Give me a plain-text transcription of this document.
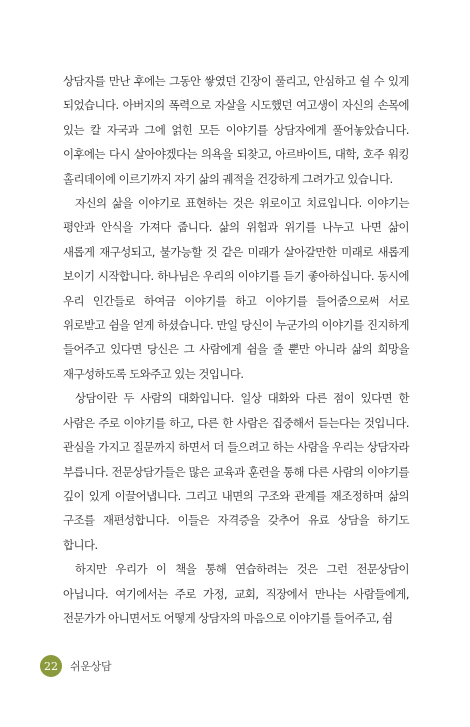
상담자를 만난 후에는 그동안 쌓였던 긴장이 풀리고, 안심하고 쉴 수 있게 되었습니다. 아버지의 폭력으로 자살을 시도했던 여고생이 자신의 손목에 있는 칼 자국과 그에 얽힌 모든 이야기를 상담자에게 풀어놓았습니다. 이후에는 다시 살아야겠다는 의욕을 되찾고, 아르바이트, 대학, 호주 워킹 홀리데이에 이르기까지 자기 삶의 궤적을 건강하게 그려가고 있습니다.

자신의 삶을 이야기로 표현하는 것은 위로이고 치료입니다. 이야기는 평안과 안식을 가져다 줍니다. 삶의 위험과 위기를 나누고 나면 삶이 새롭게 재구성되고, 불가능할 것 같은 미래가 살아갈만한 미래로 새롭게 보이기 시작합니다. 하나님은 우리의 이야기를 듣기 좋아하십니다. 동시에 우리 인간들로 하여금 이야기를 하고 이야기를 들어줌으로써 서로 위로받고 쉼을 얻게 하셨습니다. 만일 당신이 누군가의 이야기를 진지하게 들어주고 있다면 당신은 그 사람에게 쉼을 줄 뿐만 아니라 삶의 희망을 재구성하도록 도와주고 있는 것입니다.

상담이란 두 사람의 대화입니다. 일상 대화와 다른 점이 있다면 한 사람은 주로 이야기를 하고, 다른 한 사람은 집중해서 듣는다는 것입니다. 관심을 가지고 질문까지 하면서 더 들으려고 하는 사람을 우리는 상담자라 부릅니다. 전문상담가들은 많은 교육과 훈련을 통해 다른 사람의 이야기를 깊이 있게 이끌어냅니다. 그리고 내면의 구조와 관계를 재조정하며 삶의 구조를 재편성합니다. 이들은 자격증을 갖추어 유료 상담을 하기도 합니다.

하지만 우리가 이 책을 통해 연습하려는 것은 그런 전문상담이 아닙니다. 여기에서는 주로 가정, 교회, 직장에서 만나는 사람들에게, 전문가가 아니면서도 어떻게 상담자의 마음으로 이야기를 들어주고, 쉼

22	쉬운상담
